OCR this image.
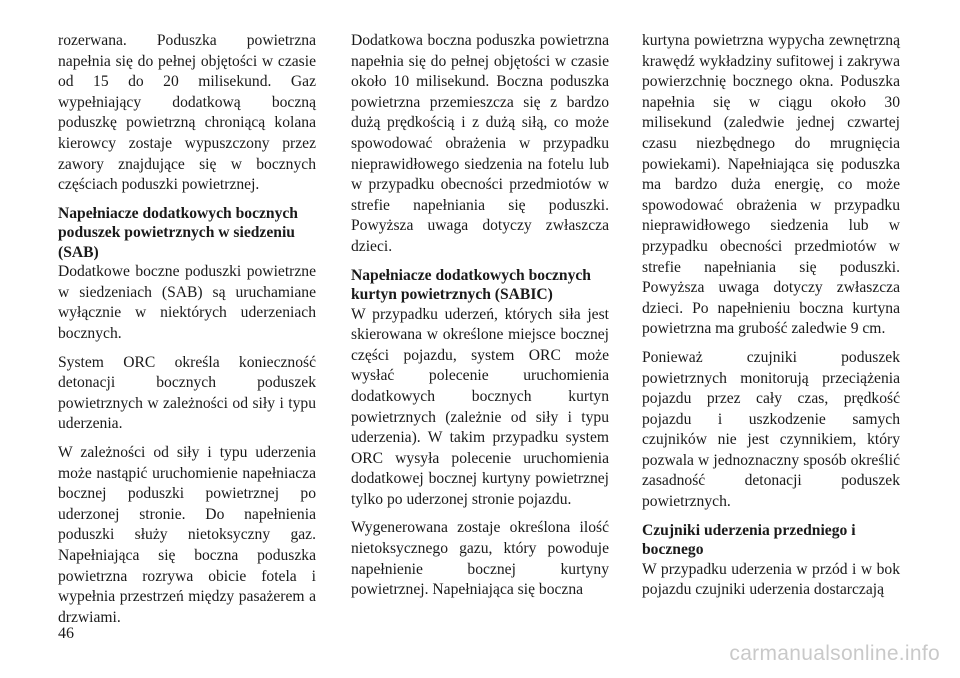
rozerwana. Poduszka powietrzna napełnia się do pełnej objętości w czasie od 15 do 20 milisekund. Gaz wypełniający dodatkową boczną poduszkę powietrzną chroniącą kolana kierowcy zostaje wypuszczony przez zawory znajdujące się w bocznych częściach poduszki powietrznej.

Napełniacze dodatkowych bocznych poduszek powietrznych w siedzeniu (SAB)

Dodatkowe boczne poduszki powietrzne w siedzeniach (SAB) są uruchamiane wyłącznie w niektórych uderzeniach bocznych.

System ORC określa konieczność detonacji bocznych poduszek powietrznych w zależności od siły i typu uderzenia.

W zależności od siły i typu uderzenia może nastąpić uruchomienie napełniacza bocznej poduszki powietrznej po uderzonej stronie. Do napełnienia poduszki służy nietoksyczny gaz. Napełniająca się boczna poduszka powietrzna rozrywa obicie fotela i wypełnia przestrzeń między pasażerem a drzwiami.

Dodatkowa boczna poduszka powietrzna napełnia się do pełnej objętości w czasie około 10 milisekund. Boczna poduszka powietrzna przemieszcza się z bardzo dużą prędkością i z dużą siłą, co może spowodować obrażenia w przypadku nieprawidłowego siedzenia na fotelu lub w przypadku obecności przedmiotów w strefie napełniania się poduszki. Powyższa uwaga dotyczy zwłaszcza dzieci.

Napełniacze dodatkowych bocznych kurtyn powietrznych (SABIC)

W przypadku uderzeń, których siła jest skierowana w określone miejsce bocznej części pojazdu, system ORC może wysłać polecenie uruchomienia dodatkowych bocznych kurtyn powietrznych (zależnie od siły i typu uderzenia). W takim przypadku system ORC wysyła polecenie uruchomienia dodatkowej bocznej kurtyny powietrznej tylko po uderzonej stronie pojazdu.

Wygenerowana zostaje określona ilość nietoksycznego gazu, który powoduje napełnienie bocznej kurtyny powietrznej. Napełniająca się boczna

kurtyna powietrzna wypycha zewnętrzną krawędź wykładziny sufitowej i zakrywa powierzchnię bocznego okna. Poduszka napełnia się w ciągu około 30 milisekund (zaledwie jednej czwartej czasu niezbędnego do mrugnięcia powiekami). Napełniająca się poduszka ma bardzo duża energię, co może spowodować obrażenia w przypadku nieprawidłowego siedzenia lub w przypadku obecności przedmiotów w strefie napełniania się poduszki. Powyższa uwaga dotyczy zwłaszcza dzieci. Po napełnieniu boczna kurtyna powietrzna ma grubość zaledwie 9 cm.

Ponieważ czujniki poduszek powietrznych monitorują przeciążenia pojazdu przez cały czas, prędkość pojazdu i uszkodzenie samych czujników nie jest czynnikiem, który pozwala w jednoznaczny sposób określić zasadność detonacji poduszek powietrznych.

Czujniki uderzenia przedniego i bocznego

W przypadku uderzenia w przód i w bok pojazdu czujniki uderzenia dostarczają

46
carmanualsonline.info
